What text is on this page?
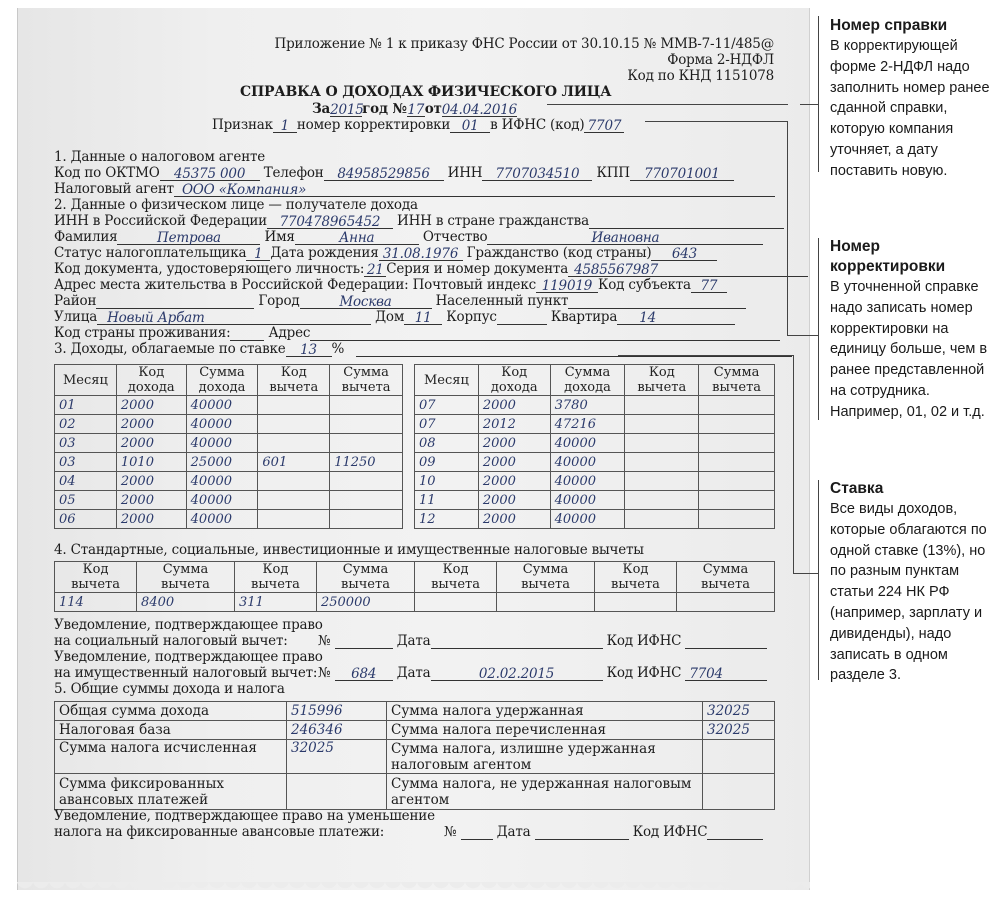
Приложение № 1 к приказу ФНС России от 30.10.15 № ММВ-7-11/485@
Форма 2-НДФЛ
Код по КНД 1151078
СПРАВКА О ДОХОДАХ ФИЗИЧЕСКОГО ЛИЦА
За2015год №17от04.04.2016
Признак 1 номер корректировки 01 в ИФНС (код) 7707
1. Данные о налоговом агенте
Код по ОКТМО 45375 000 Телефон 84958529856 ИНН 7707034510 КПП 770701001
Налоговый агент ООО «Компания»
2. Данные о физическом лице — получателе дохода
ИНН в Российской Федерации 770478965452 ИНН в стране гражданства
Фамилия	Петрова	Имя	Анна	Отчество	Ивановна
Статус налогоплательщика 1 Дата рождения 31.08.1976 Гражданство (код страны) 643
Код документа, удостоверяющего личность: 21 Серия и номер документа 4585567987
Адрес места жительства в Российской Федерации: Почтовый индекс 119019 Код субъекта 77
Район	Город	Москва	Населенный пункт
Улица Новый Арбат	Дом 11 Корпус	Квартира 14
Код страны проживания:	Адрес
3. Доходы, облагаемые по ставке 13 %
Месяц	Код дохода	Сумма дохода	Код вычета	Сумма вычета
01	2000	40000		
02	2000	40000		
03	2000	40000		
03	1010	25000	601	11250
04	2000	40000		
05	2000	40000		
06	2000	40000		
Месяц	Код дохода	Сумма дохода	Код вычета	Сумма вычета
07	2000	3780		
07	2012	47216		
08	2000	40000		
09	2000	40000		
10	2000	40000		
11	2000	40000		
12	2000	40000		
4. Стандартные, социальные, инвестиционные и имущественные налоговые вычеты
Код вычета	Сумма вычета	Код вычета	Сумма вычета	Код вычета	Сумма вычета	Код вычета	Сумма вычета
114	8400	311	250000				
Уведомление, подтверждающее право
на социальный налоговый вычет: №	Дата	Код ИФНС
Уведомление, подтверждающее право
на имущественный налоговый вычет: № 684 Дата	02.02.2015	Код ИФНС 7704
5. Общие суммы дохода и налога
Общая сумма дохода	515996	Сумма налога удержанная	32025
Налоговая база	246346	Сумма налога перечисленная	32025
Сумма налога исчисленная	32025	Сумма налога, излишне удержанная налоговым агентом	
Сумма фиксированных авансовых платежей		Сумма налога, не удержанная налоговым агентом	
Уведомление, подтверждающее право на уменьшение
налога на фиксированные авансовые платежи:	№	Дата	Код ИФНС
Номер справки
В корректирующей форме 2-НДФЛ надо заполнить номер ранее сданной справки, которую компания уточняет, а дату поставить новую.
Номер корректировки
В уточненной справке надо записать номер корректировки на единицу больше, чем в ранее представленной на сотрудника. Например, 01, 02 и т.д.
Ставка
Все виды доходов, которые облагаются по одной ставке (13%), но по разным пунктам статьи 224 НК РФ (например, зарплату и дивиденды), надо записать в одном разделе 3.
